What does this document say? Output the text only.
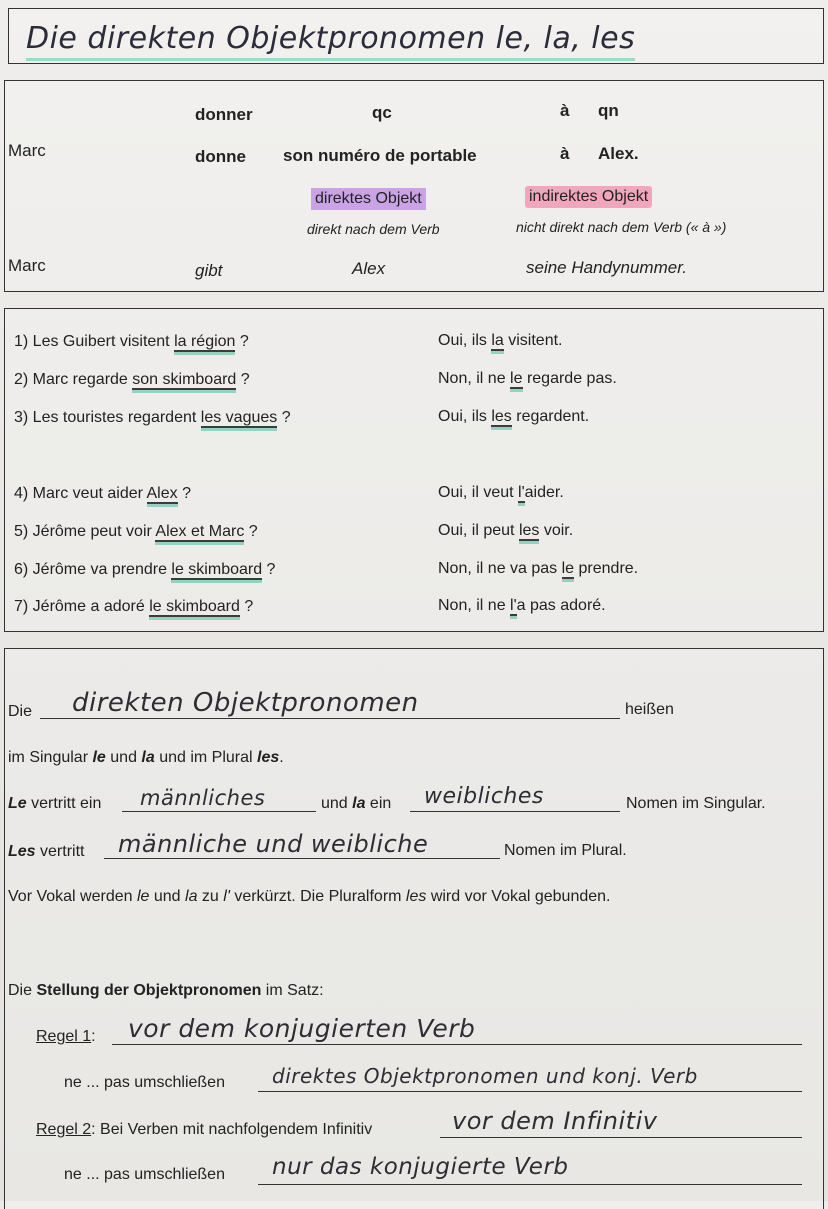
Die direkten Objektpronomen le, la, les
donner	qc	à qn
Marc	donne son numéro de portable	à Alex.
direktes Objekt	indirektes Objekt
direkt nach dem Verb	nicht direkt nach dem Verb (« à »)
Marc	gibt	Alex	seine Handynummer.
1) Les Guibert visitent la région ?	Oui, ils la visitent.
2) Marc regarde son skimboard ?	Non, il ne le regarde pas.
3) Les touristes regardent les vagues ?	Oui, ils les regardent.
4) Marc veut aider Alex ?	Oui, il veut l'aider.
5) Jérôme peut voir Alex et Marc ?	Oui, il peut les voir.
6) Jérôme va prendre le skimboard ?	Non, il ne va pas le prendre.
7) Jérôme a adoré le skimboard ?	Non, il ne l'a pas adoré.
Die direkten Objektpronomen	heißen
im Singular le und la und im Plural les.
Le vertritt ein männliches	und la ein weibliches	Nomen im Singular.
Les vertritt männliche und weibliche	Nomen im Plural.
Vor Vokal werden le und la zu l' verkürzt. Die Pluralform les wird vor Vokal gebunden.
Die Stellung der Objektpronomen im Satz:
Regel 1: vor dem konjugierten Verb
ne ... pas umschließen direktes Objektpronomen und konj. Verb
Regel 2: Bei Verben mit nachfolgendem Infinitiv	vor dem Infinitiv
ne ... pas umschließen nur das konjugierte Verb
